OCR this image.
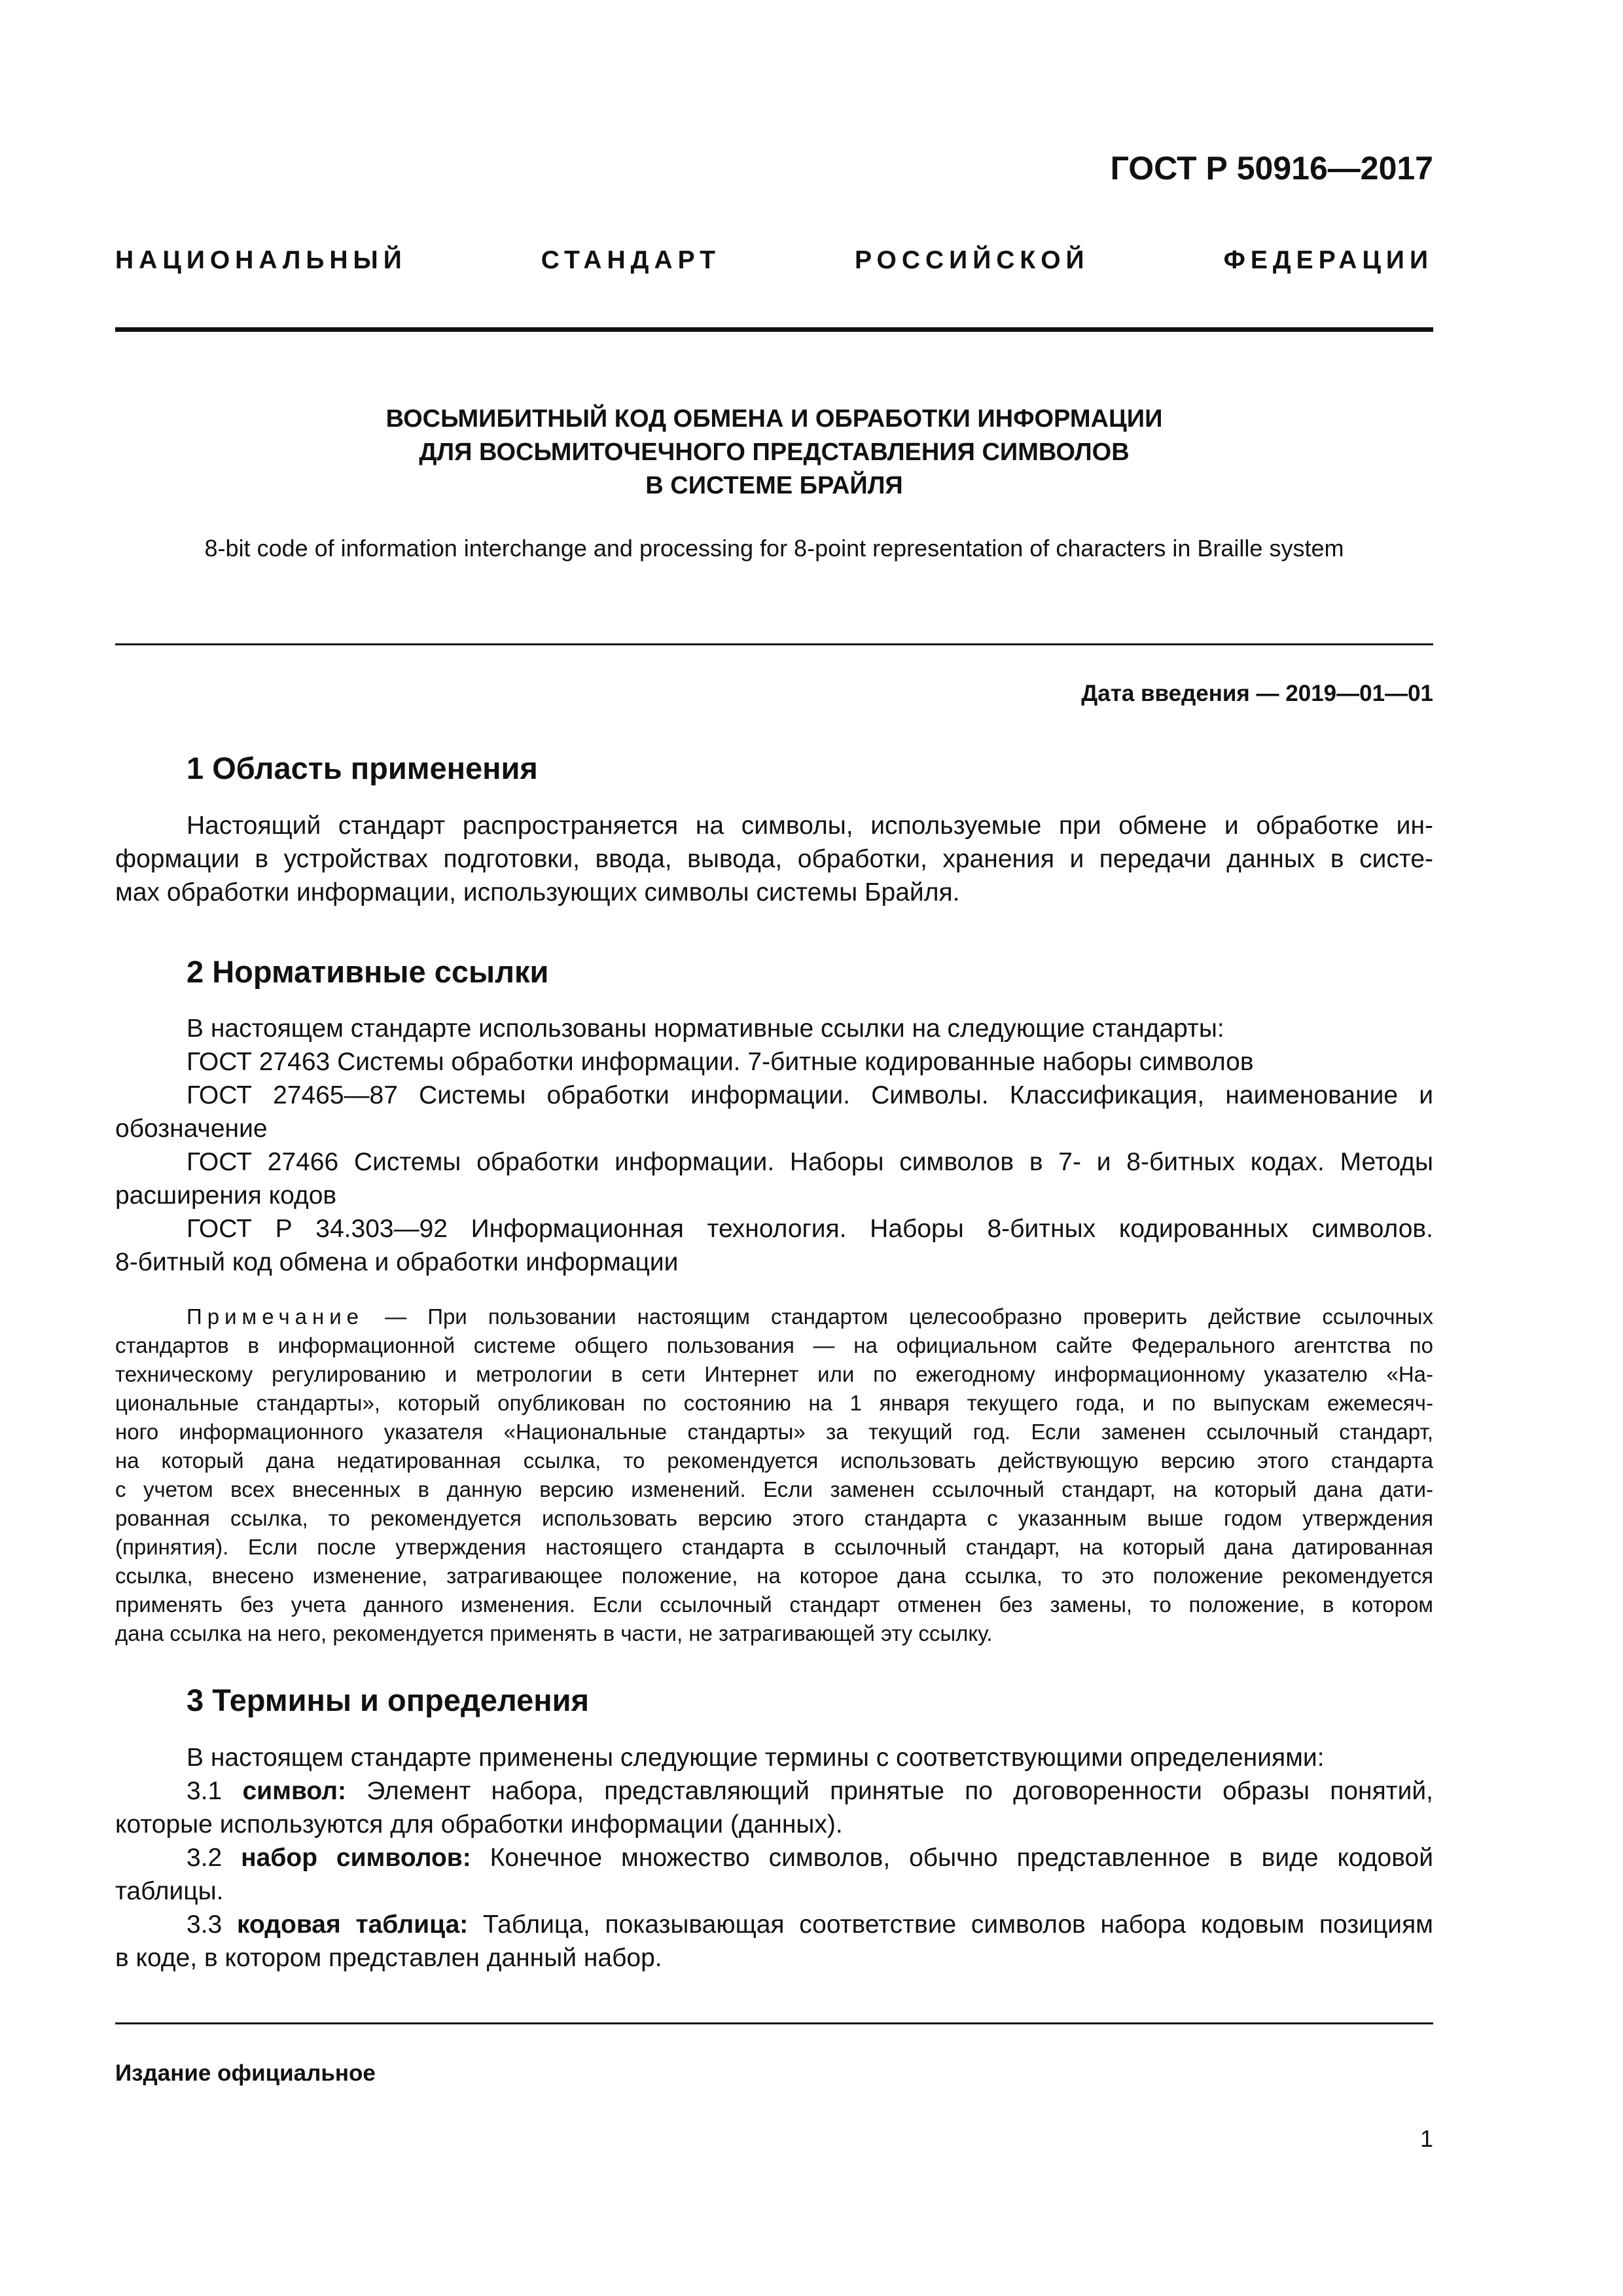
ГОСТ Р 50916—2017
НАЦИОНАЛЬНЫЙ	СТАНДАРТ	РОССИЙСКОЙ	ФЕДЕРАЦИИ
ВОСЬМИБИТНЫЙ КОД ОБМЕНА И ОБРАБОТКИ ИНФОРМАЦИИ
ДЛЯ ВОСЬМИТОЧЕЧНОГО ПРЕДСТАВЛЕНИЯ СИМВОЛОВ
В СИСТЕМЕ БРАЙЛЯ
8-bit code of information interchange and processing for 8-point representation of characters in Braille system
Дата введения — 2019—01—01
1 Область применения
Настоящий стандарт распространяется на символы, используемые при обмене и обработке ин-
формации в устройствах подготовки, ввода, вывода, обработки, хранения и передачи данных в систе-
мах обработки информации, использующих символы системы Брайля.
2 Нормативные ссылки
В настоящем стандарте использованы нормативные ссылки на следующие стандарты:
ГОСТ 27463 Системы обработки информации. 7-битные кодированные наборы символов
ГОСТ 27465—87 Системы обработки информации. Символы. Классификация, наименование и
обозначение
ГОСТ 27466 Системы обработки информации. Наборы символов в 7- и 8-битных кодах. Методы
расширения кодов
ГОСТ Р 34.303—92 Информационная технология. Наборы 8-битных кодированных символов.
8-битный код обмена и обработки информации
Примечание — При пользовании настоящим стандартом целесообразно проверить действие ссылочных
стандартов в информационной системе общего пользования — на официальном сайте Федерального агентства по
техническому регулированию и метрологии в сети Интернет или по ежегодному информационному указателю «На-
циональные стандарты», который опубликован по состоянию на 1 января текущего года, и по выпускам ежемесяч-
ного информационного указателя «Национальные стандарты» за текущий год. Если заменен ссылочный стандарт,
на который дана недатированная ссылка, то рекомендуется использовать действующую версию этого стандарта
с учетом всех внесенных в данную версию изменений. Если заменен ссылочный стандарт, на который дана дати-
рованная ссылка, то рекомендуется использовать версию этого стандарта с указанным выше годом утверждения
(принятия). Если после утверждения настоящего стандарта в ссылочный стандарт, на который дана датированная
ссылка, внесено изменение, затрагивающее положение, на которое дана ссылка, то это положение рекомендуется
применять без учета данного изменения. Если ссылочный стандарт отменен без замены, то положение, в котором
дана ссылка на него, рекомендуется применять в части, не затрагивающей эту ссылку.
3 Термины и определения
В настоящем стандарте применены следующие термины с соответствующими определениями:
3.1 символ: Элемент набора, представляющий принятые по договоренности образы понятий,
которые используются для обработки информации (данных).
3.2 набор символов: Конечное множество символов, обычно представленное в виде кодовой
таблицы.
3.3 кодовая таблица: Таблица, показывающая соответствие символов набора кодовым позициям
в коде, в котором представлен данный набор.
Издание официальное
1
